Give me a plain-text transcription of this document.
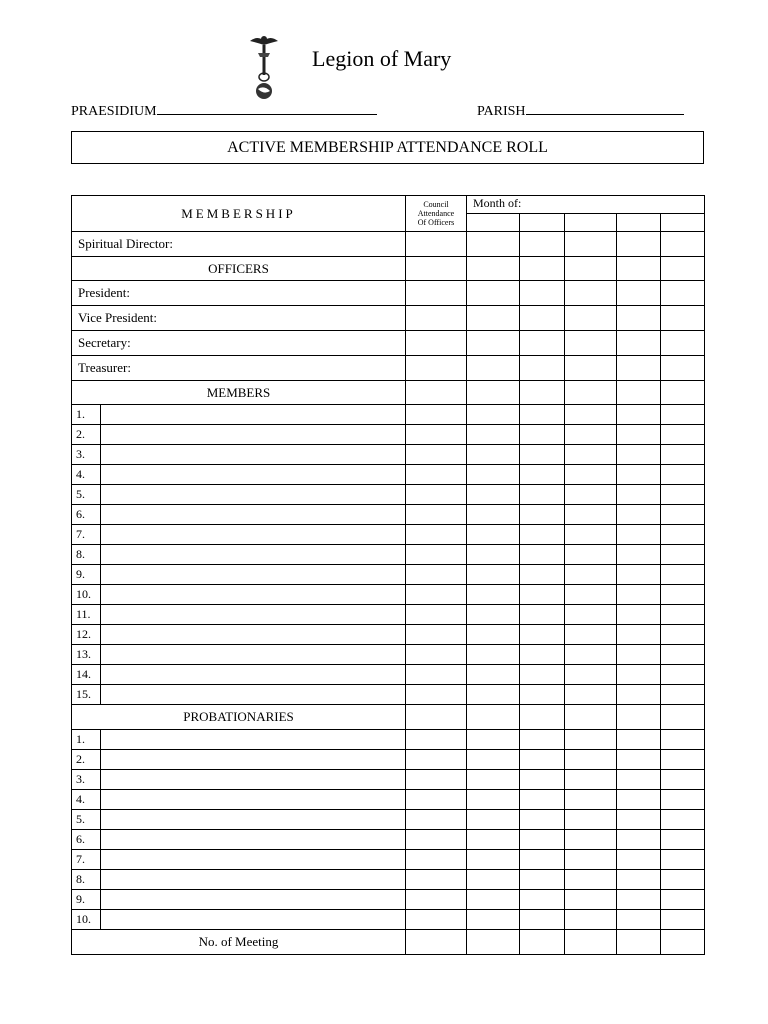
Legion of Mary
PRAESIDIUM	PARISH
ACTIVE MEMBERSHIP ATTENDANCE ROLL
MEMBERSHIP		Council
Attendance
Of Officers	Month of:				

Spiritual Director:							
OFFICERS							
President:							
Vice President:							
Secretary:							
Treasurer:							
MEMBERS							
1.							
2.							
3.							
4.							
5.							
6.							
7.							
8.							
9.							
10.							
11.							
12.							
13.							
14.							
15.							
PROBATIONARIES							
1.							
2.							
3.							
4.							
5.							
6.							
7.							
8.							
9.							
10.							
No. of Meeting							
